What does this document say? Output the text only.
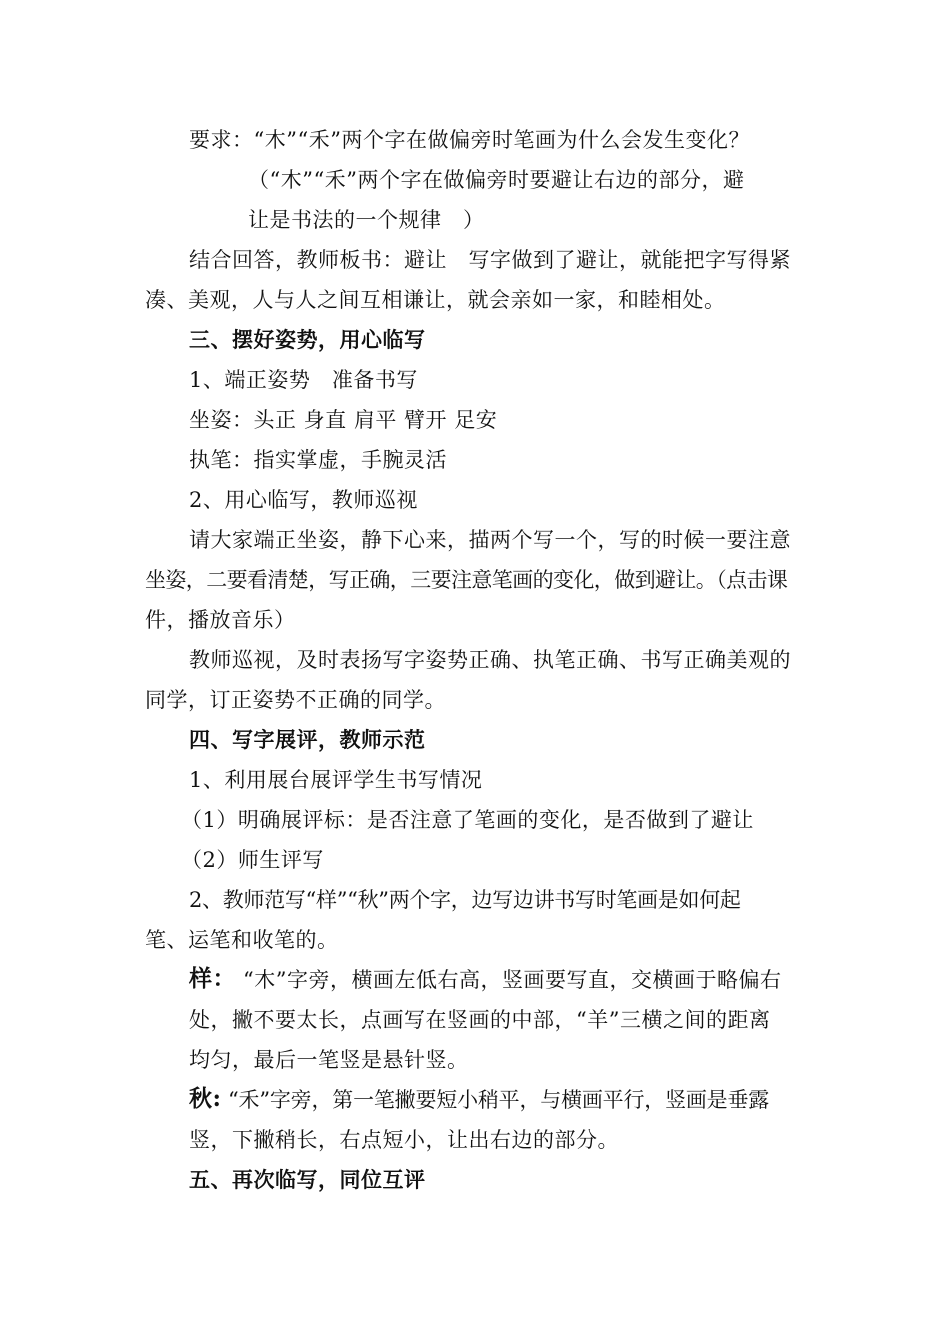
要求：“木”“禾”两个字在做偏旁时笔画为什么会发生变化？
（“木”“禾”两个字在做偏旁时要避让右边的部分，避
让是书法的一个规律　）
结合回答，教师板书：避让　写字做到了避让，就能把字写得紧
凑、美观，人与人之间互相谦让，就会亲如一家，和睦相处。
三、摆好姿势，用心临写
1、端正姿势　准备书写
坐姿：头正 身直 肩平 臂开 足安
执笔：指实掌虚，手腕灵活
2、用心临写，教师巡视
请大家端正坐姿，静下心来，描两个写一个，写的时候一要注意
坐姿，二要看清楚，写正确，三要注意笔画的变化，做到避让。（点击课
件，播放音乐）
教师巡视，及时表扬写字姿势正确、执笔正确、书写正确美观的
同学，订正姿势不正确的同学。
四、写字展评，教师示范
1、利用展台展评学生书写情况
（1）明确展评标：是否注意了笔画的变化，是否做到了避让
（2）师生评写
2、教师范写“样”“秋”两个字，边写边讲书写时笔画是如何起
笔、运笔和收笔的。
样： “木”字旁，横画左低右高，竖画要写直，交横画于略偏右
处，撇不要太长，点画写在竖画的中部，“羊”三横之间的距离
均匀，最后一笔竖是悬针竖。
秋: “禾”字旁，第一笔撇要短小稍平，与横画平行，竖画是垂露
竖，下撇稍长，右点短小，让出右边的部分。
五、再次临写，同位互评
